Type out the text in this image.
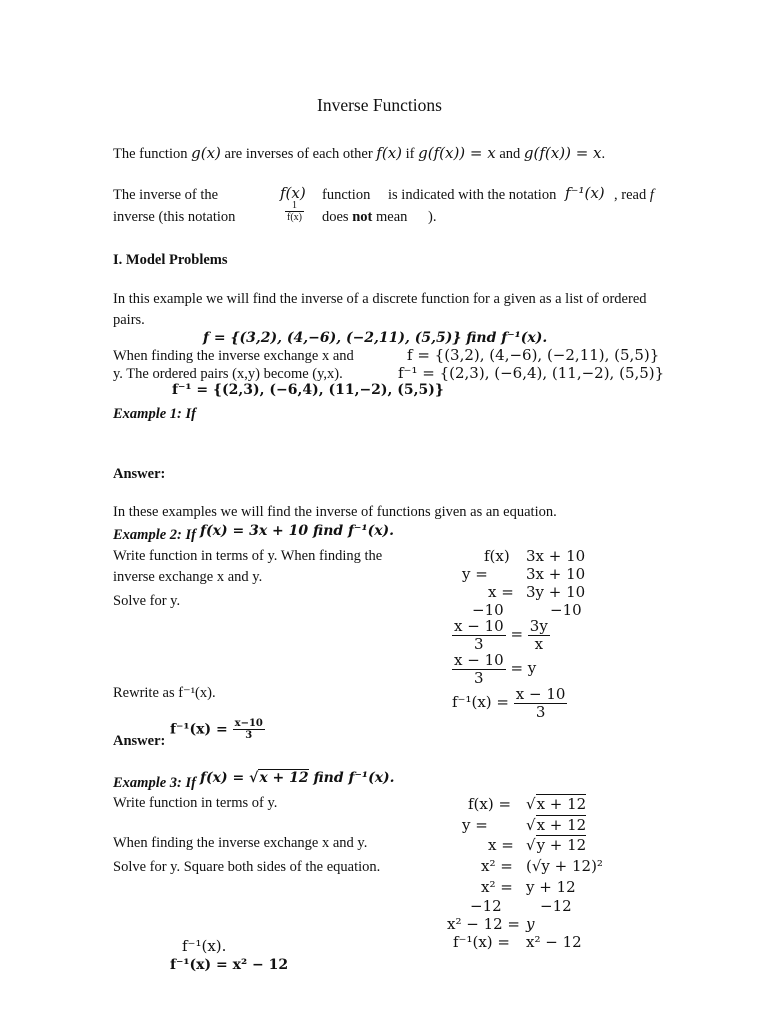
Inverse Functions
The function g(x) are inverses of each other f(x) if g(f(x)) = x and g(f(x)) = x.
The inverse of the	f(x) function is indicated with the notation f⁻¹(x) , read f
inverse (this notation	$\frac{1}{f(x)}$ does not mean ).
I. Model Problems
In this example we will find the inverse of a discrete function for a given as a list of ordered
pairs.
f = {(3,2), (4,−6), (−2,11), (5,5)} find f⁻¹(x).
When finding the inverse exchange x and	f = {(3,2), (4,−6), (−2,11), (5,5)}
y. The ordered pairs (x,y) become (y,x).	f⁻¹ = {(2,3), (−6,4), (11,−2), (5,5)}
f⁻¹ = {(2,3), (−6,4), (11,−2), (5,5)}
Example 1: If
Answer:
In these examples we will find the inverse of functions given as an equation.
Example 2: If f(x) = 3x + 10 find f⁻¹(x).
Write function in terms of y. When finding the
inverse exchange x and y.
Solve for y.
f(x) 3x + 10
y =	3x + 10
x = 3y + 10
−10	−10
$\frac{x - 10}{3} = \frac{3y}{x}$
$\frac{x - 10}{3} = y$
Rewrite as f⁻¹(x).	$f^{-1}(x) = \frac{x - 10}{3}$
Answer:
$f^{-1}(x) = \frac{x-10}{3}$
Example 3: If f(x) = √x + 12 find f⁻¹(x).
Write function in terms of y.
When finding the inverse exchange x and y.
Solve for y. Square both sides of the equation.
f(x) = √x + 12
y =	√x + 12
x = √y + 12
x² = (√y + 12)²
x² = y + 12
−12	−12
x² − 12 = y
f⁻¹(x) = x² − 12
f⁻¹(x).
f⁻¹(x) = x² − 12
